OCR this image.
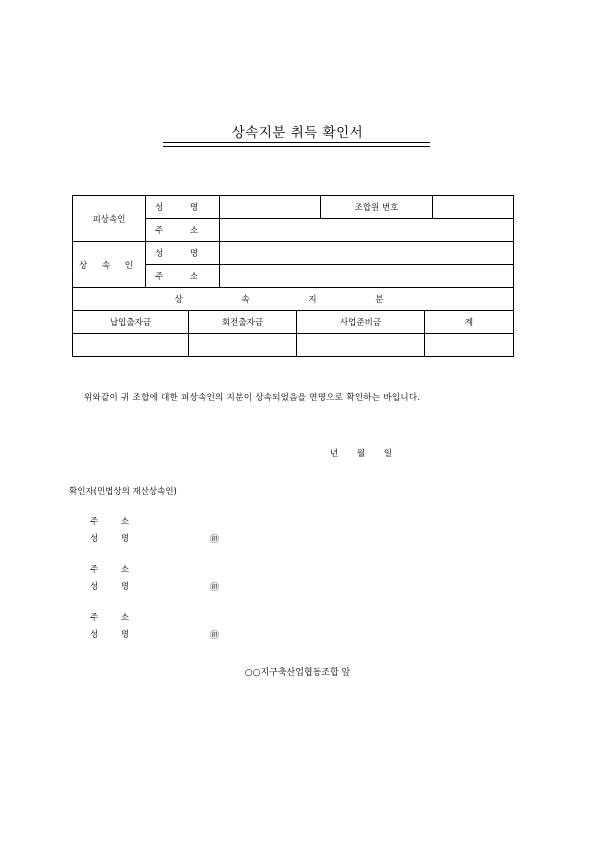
상속지분 취득 확인서
피상속인	성 명				조합원 번호		
	주 소						
상 속 인	성 명						
	주 소						
상 속 지 분							
납입출자금		회전출자금		사업준비금		계	

위와같이 귀 조합에 대한 피상속인의 지분이 상속되었음을 연명으로 확인하는 바입니다.
년 월 일
확인자(민법상의 재산상속인)
주 소
성 명	㊞
주 소
성 명	㊞
주 소
성 명	㊞
○○지구축산업협동조합 앞
